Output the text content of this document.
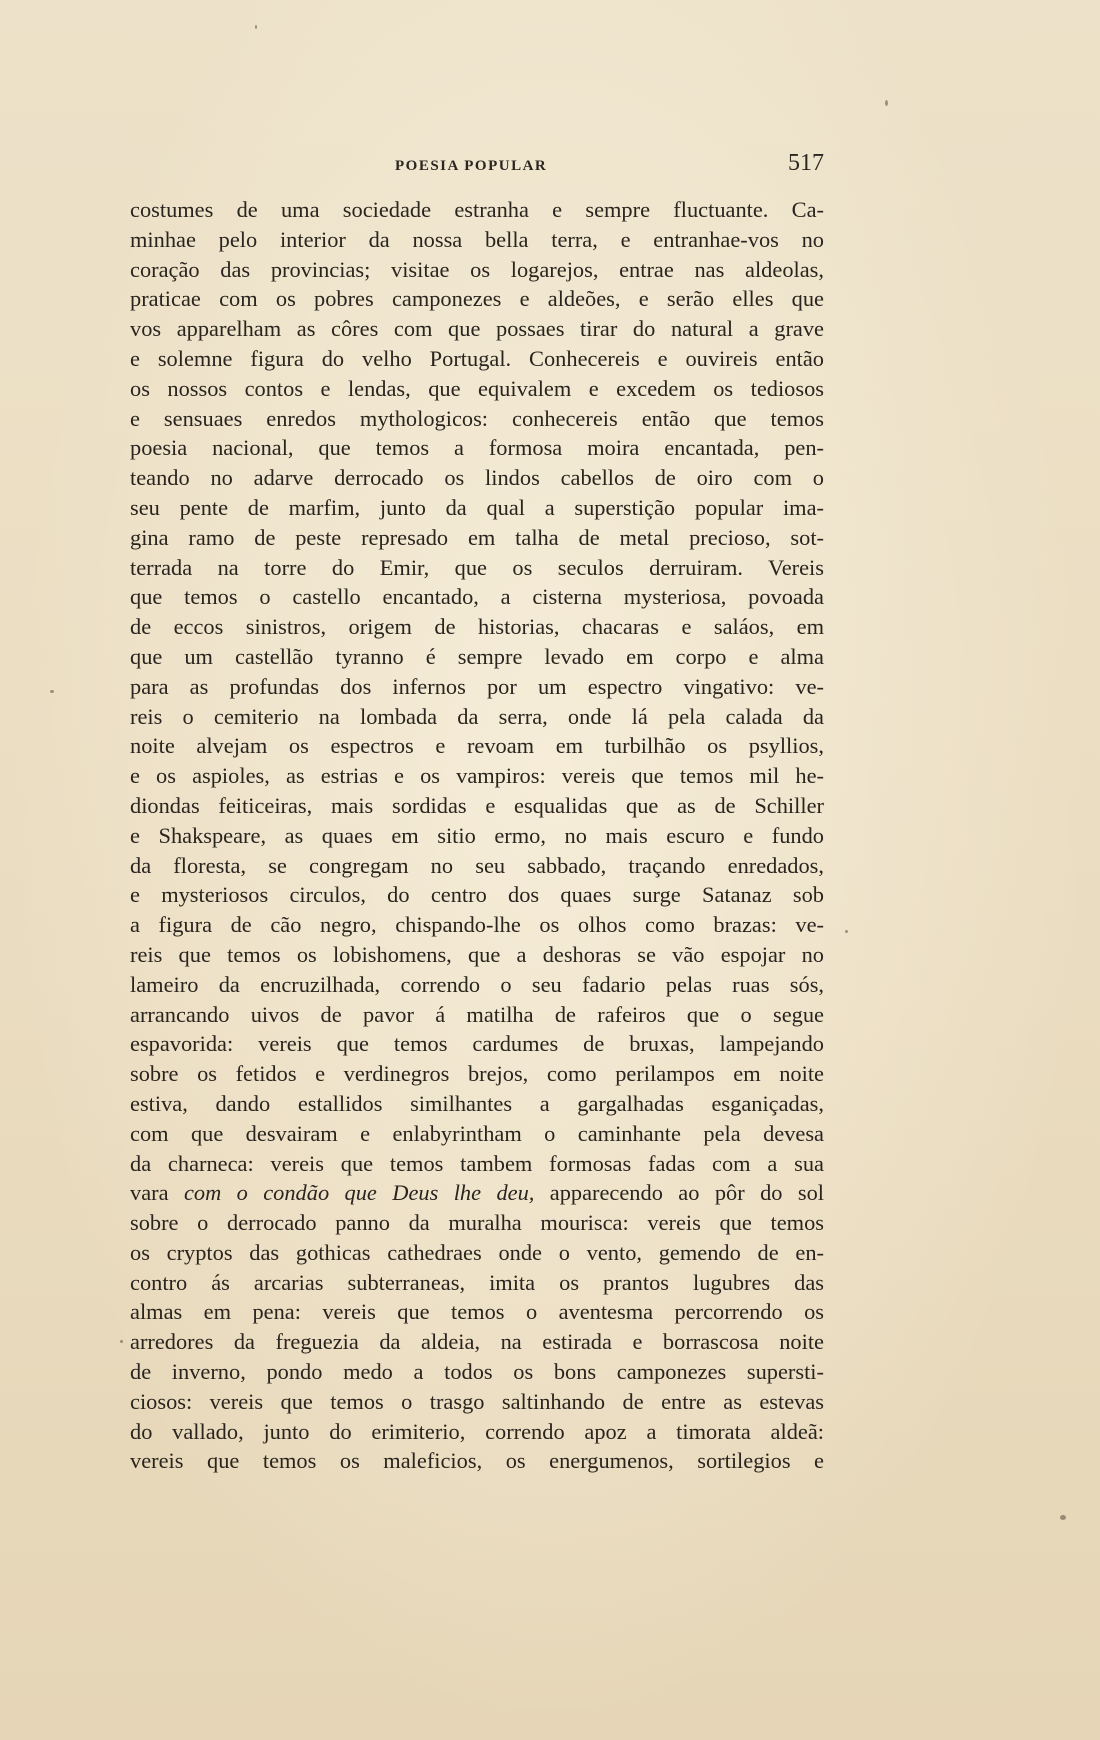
POESIA POPULAR	517
costumes de uma sociedade estranha e sempre fluctuante. Ca-
minhae pelo interior da nossa bella terra, e entranhae-vos no
coração das provincias; visitae os logarejos, entrae nas aldeolas,
praticae com os pobres camponezes e aldeões, e serão elles que
vos apparelham as côres com que possaes tirar do natural a grave
e solemne figura do velho Portugal. Conhecereis e ouvireis então
os nossos contos e lendas, que equivalem e excedem os tediosos
e sensuaes enredos mythologicos: conhecereis então que temos
poesia nacional, que temos a formosa moira encantada, pen-
teando no adarve derrocado os lindos cabellos de oiro com o
seu pente de marfim, junto da qual a superstição popular ima-
gina ramo de peste represado em talha de metal precioso, sot-
terrada na torre do Emir, que os seculos derruiram. Vereis
que temos o castello encantado, a cisterna mysteriosa, povoada
de eccos sinistros, origem de historias, chacaras e saláos, em
que um castellão tyranno é sempre levado em corpo e alma
para as profundas dos infernos por um espectro vingativo: ve-
reis o cemiterio na lombada da serra, onde lá pela calada da
noite alvejam os espectros e revoam em turbilhão os psyllios,
e os aspioles, as estrias e os vampiros: vereis que temos mil he-
diondas feiticeiras, mais sordidas e esqualidas que as de Schiller
e Shakspeare, as quaes em sitio ermo, no mais escuro e fundo
da floresta, se congregam no seu sabbado, traçando enredados,
e mysteriosos circulos, do centro dos quaes surge Satanaz sob
a figura de cão negro, chispando-lhe os olhos como brazas: ve-
reis que temos os lobishomens, que a deshoras se vão espojar no
lameiro da encruzilhada, correndo o seu fadario pelas ruas sós,
arrancando uivos de pavor á matilha de rafeiros que o segue
espavorida: vereis que temos cardumes de bruxas, lampejando
sobre os fetidos e verdinegros brejos, como perilampos em noite
estiva, dando estallidos similhantes a gargalhadas esganiçadas,
com que desvairam e enlabyrintham o caminhante pela devesa
da charneca: vereis que temos tambem formosas fadas com a sua
vara com o condão que Deus lhe deu, apparecendo ao pôr do sol
sobre o derrocado panno da muralha mourisca: vereis que temos
os cryptos das gothicas cathedraes onde o vento, gemendo de en-
contro ás arcarias subterraneas, imita os prantos lugubres das
almas em pena: vereis que temos o aventesma percorrendo os
arredores da freguezia da aldeia, na estirada e borrascosa noite
de inverno, pondo medo a todos os bons camponezes supersti-
ciosos: vereis que temos o trasgo saltinhando de entre as estevas
do vallado, junto do erimiterio, correndo apoz a timorata aldeã:
vereis que temos os maleficios, os energumenos, sortilegios e
